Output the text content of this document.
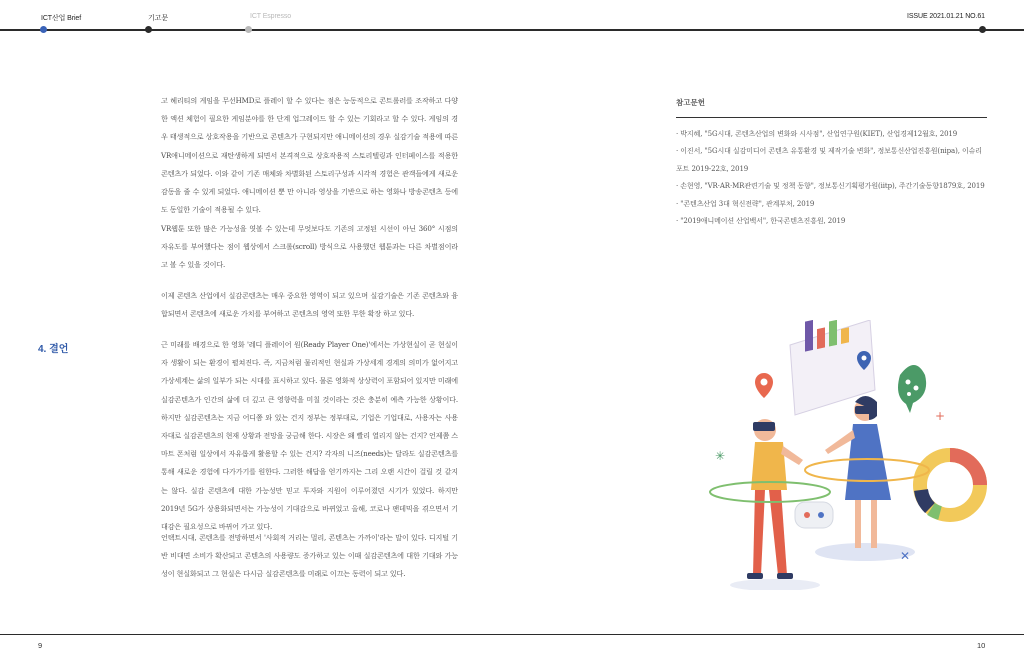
ICT산업 Brief	기고문	ICT Espresso	ISSUE 2021.01.21 NO.61

고 헤리티의 게임을 무선HMD로 플레이 할 수 있다는 점은 능동적으로 콘트롤러를 조작하고 다양한 액션 체험이 필요한 게임분야를 한 단계 업그레이드 할 수 있는 기회라고 할 수 있다. 게임의 경우 태생적으로 상호작용을 기반으로 콘텐츠가 구현되지만 애니메이션의 경우 실감기술 적용에 따른 VR애니메이션으로 재탄생하게 되면서 본격적으로 상호작용적 스토리텔링과 인터페이스를 적용한 콘텐츠가 되었다. 이와 같이 기존 매체와 차별화된 스토리구성과 시각적 경험은 관객들에게 새로운 감동을 줄 수 있게 되었다. 애니메이션 뿐 만 아니라 영상을 기반으로 하는 영화나 방송콘텐츠 등에도 동일한 기술이 적용될 수 있다.

VR웹툰 또한 많은 가능성을 엿볼 수 있는데 무엇보다도 기존의 고정된 시선이 아닌 360° 시점의 자유도를 부여했다는 점이 웹상에서 스크롤(scroll) 방식으로 사용했던 웹툰과는 다른 차별점이라고 볼 수 있을 것이다.

이제 콘텐츠 산업에서 실감콘텐츠는 매우 중요한 영역이 되고 있으며 실감기술은 기존 콘텐츠와 융합되면서 콘텐츠에 새로운 가치를 부여하고 콘텐츠의 영역 또한 무한 확장 하고 있다.

4. 결언	근 미래를 배경으로 한 영화 '레디 플레이어 원(Ready Player One)'에서는 가상현실이 곧 현실이자 생활이 되는 환경이 펼쳐진다. 즉, 지금처럼 물리적인 현실과 가상세계 경계의 의미가 없어지고 가상세계는 삶의 일부가 되는 시대를 표시하고 있다. 물론 영화적 상상력이 포함되어 있지만 미래에 실감콘텐츠가 인간의 삶에 더 깊고 큰 영향력을 미칠 것이라는 것은 충분히 예측 가능한 상황이다. 하지만 실감콘텐츠는 지금 어디쯤 와 있는 건지 정부는 정부대로, 기업은 기업대로, 사용자는 사용자대로 실감콘텐츠의 현재 상황과 전망을 궁금해 한다. 시장은 왜 빨리 열리지 않는 건지? 언제쯤 스마트 폰처럼 일상에서 자유롭게 활용할 수 있는 건지? 각자의 니즈(needs)는 달라도 실감콘텐츠를 통해 새로운 경험에 다가가기를 원한다. 그러한 해답을 얻기까지는 그리 오랜 시간이 걸릴 것 같지는 않다. 실감 콘텐츠에 대한 가능성만 믿고 투자와 지원이 이루어졌던 시기가 있었다. 하지만 2019년 5G가 상용화되면서는 가능성이 기대감으로 바뀌었고 올해, 코로나 팬데믹을 겪으면서 기대감은 필요성으로 바뀌어 가고 있다.

언택트시대, 콘텐츠를 전망하면서 '사회적 거리는 멀리, 콘텐츠는 가까이'라는 말이 있다. 디지털 기반 비대면 소비가 확산되고 콘텐츠의 사용량도 증가하고 있는 이때 실감콘텐츠에 대한 기대와 가능성이 현실화되고 그 현실은 다시금 실감콘텐츠를 미래로 이끄는 동력이 되고 있다.

참고문헌
· 박지혜, "5G시대, 콘텐츠산업의 변화와 시사점", 산업연구원(KIET), 산업경제12월호, 2019
· 이진서, "5G시대 실감미디어 콘텐츠 유통환경 및 제작기술 변화", 정보통신산업진흥원(nipa), 이슈리포트 2019-22호, 2019
· 손현영, "VR·AR·MR관련기술 및 정책 동향", 정보통신기획평가원(iitp), 주간기술동향1879호, 2019
· "콘텐츠산업 3대 혁신전략", 관계부처, 2019
· "2019애니메이션 산업백서", 한국콘텐츠진흥원, 2019
✳
+
✕
9	10
